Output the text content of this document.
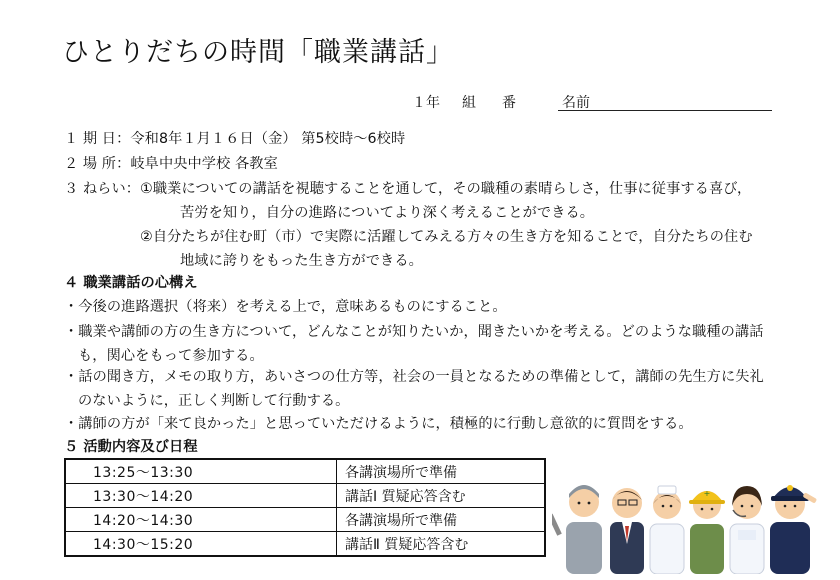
ひとりだちの時間「職業講話」
１年 組 番	名前
１ 期 日：令和8年１月１６日（金） 第5校時～6校時
２ 場 所：岐阜中央中学校 各教室
３ ねらい：①職業についての講話を視聴することを通して，その職種の素晴らしさ，仕事に従事する喜び，
苦労を知り，自分の進路についてより深く考えることができる。
②自分たちが住む町（市）で実際に活躍してみえる方々の生き方を知ることで，自分たちの住む
地域に誇りをもった生き方ができる。
４ 職業講話の心構え
・今後の進路選択（将来）を考える上で，意味あるものにすること。
・職業や講師の方の生き方について，どんなことが知りたいか，聞きたいかを考える。どのような職種の講話
も，関心をもって参加する。
・話の聞き方，メモの取り方，あいさつの仕方等，社会の一員となるための準備として，講師の先生方に失礼
のないように，正しく判断して行動する。
・講師の方が「来て良かった」と思っていただけるように，積極的に行動し意欲的に質問をする。
５ 活動内容及び日程
13:25～13:30	各講演場所で準備
13:30～14:20	講話Ⅰ 質疑応答含む
14:20～14:30	各講演場所で準備
14:30～15:20	講話Ⅱ 質疑応答含む
+
